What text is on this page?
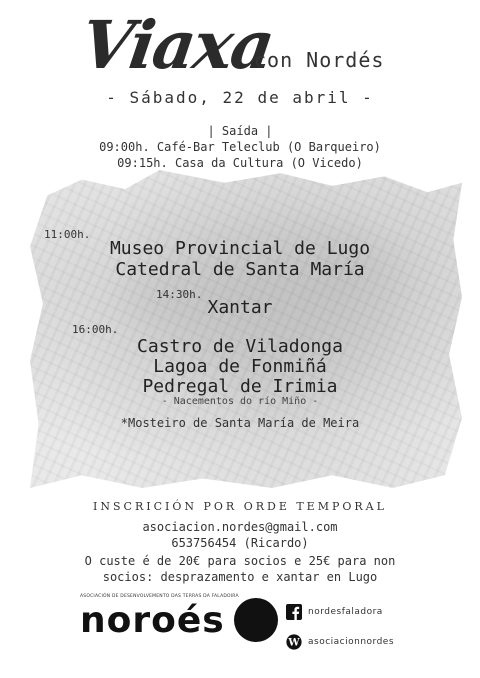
Viaxa
con Nordés
- Sábado, 22 de abril -
| Saída |
09:00h. Café-Bar Teleclub (O Barqueiro)
09:15h. Casa da Cultura (O Vicedo)
11:00h.
Museo Provincial de Lugo
Catedral de Santa María
14:30h.
Xantar
16:00h.
Castro de Viladonga
Lagoa de Fonmiñá
Pedregal de Irimia
- Nacementos do río Miño -
*Mosteiro de Santa María de Meira
INSCRICIÓN POR ORDE TEMPORAL
asociacion.nordes@gmail.com
653756454 (Ricardo)
O custe é de 20€ para socios e 25€ para non
socios: desprazamento e xantar en Lugo
ASOCIACIÓN DE DESENVOLVEMENTO DAS TERRAS DA FALADOIRA
noroés	nordesfaladora
W asociacionnordes
